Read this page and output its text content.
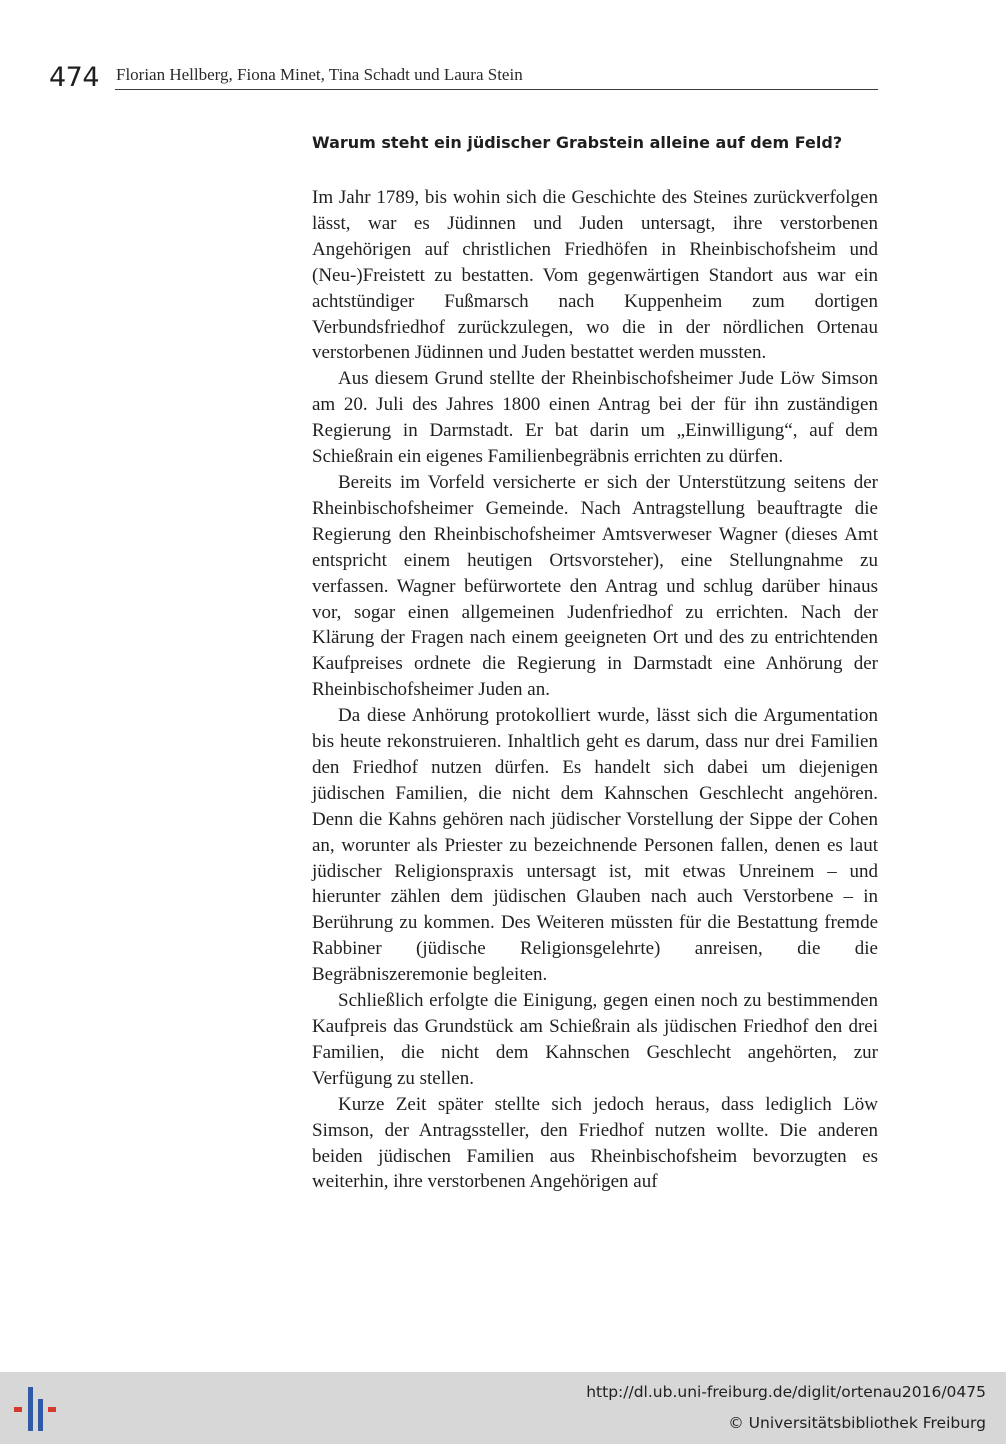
474 Florian Hellberg, Fiona Minet, Tina Schadt und Laura Stein
Warum steht ein jüdischer Grabstein alleine auf dem Feld?

Im Jahr 1789, bis wohin sich die Geschichte des Steines zurückverfolgen lässt, war es Jüdinnen und Juden untersagt, ihre verstorbenen Angehörigen auf christlichen Friedhöfen in Rheinbischofsheim und (Neu-)Freistett zu bestatten. Vom gegenwärtigen Standort aus war ein achtstündiger Fußmarsch nach Kuppenheim zum dortigen Verbundsfriedhof zurückzulegen, wo die in der nördlichen Ortenau verstorbenen Jüdinnen und Juden bestattet werden mussten.

Aus diesem Grund stellte der Rheinbischofsheimer Jude Löw Simson am 20. Juli des Jahres 1800 einen Antrag bei der für ihn zuständigen Regierung in Darmstadt. Er bat darin um „Einwilligung“, auf dem Schießrain ein eigenes Familienbegräbnis errichten zu dürfen.

Bereits im Vorfeld versicherte er sich der Unterstützung seitens der Rheinbischofsheimer Gemeinde. Nach Antragstellung beauftragte die Regierung den Rheinbischofsheimer Amtsverweser Wagner (dieses Amt entspricht einem heutigen Ortsvorsteher), eine Stellungnahme zu verfassen. Wagner befürwortete den Antrag und schlug darüber hinaus vor, sogar einen allgemeinen Judenfriedhof zu errichten. Nach der Klärung der Fragen nach einem geeigneten Ort und des zu entrichtenden Kaufpreises ordnete die Regierung in Darmstadt eine Anhörung der Rheinbischofsheimer Juden an.

Da diese Anhörung protokolliert wurde, lässt sich die Argumentation bis heute rekonstruieren. Inhaltlich geht es darum, dass nur drei Familien den Friedhof nutzen dürfen. Es handelt sich dabei um diejenigen jüdischen Familien, die nicht dem Kahnschen Geschlecht angehören. Denn die Kahns gehören nach jüdischer Vorstellung der Sippe der Cohen an, worunter als Priester zu bezeichnende Personen fallen, denen es laut jüdischer Religionspraxis untersagt ist, mit etwas Unreinem – und hierunter zählen dem jüdischen Glauben nach auch Verstorbene – in Berührung zu kommen. Des Weiteren müssten für die Bestattung fremde Rabbiner (jüdische Religionsgelehrte) anreisen, die die Begräbniszeremonie begleiten.

Schließlich erfolgte die Einigung, gegen einen noch zu bestimmenden Kaufpreis das Grundstück am Schießrain als jüdischen Friedhof den drei Familien, die nicht dem Kahnschen Geschlecht angehörten, zur Verfügung zu stellen.

Kurze Zeit später stellte sich jedoch heraus, dass lediglich Löw Simson, der Antragssteller, den Friedhof nutzen wollte. Die anderen beiden jüdischen Familien aus Rheinbischofsheim bevorzugten es weiterhin, ihre verstorbenen Angehörigen auf

http://dl.ub.uni-freiburg.de/diglit/ortenau2016/0475
© Universitätsbibliothek Freiburg
